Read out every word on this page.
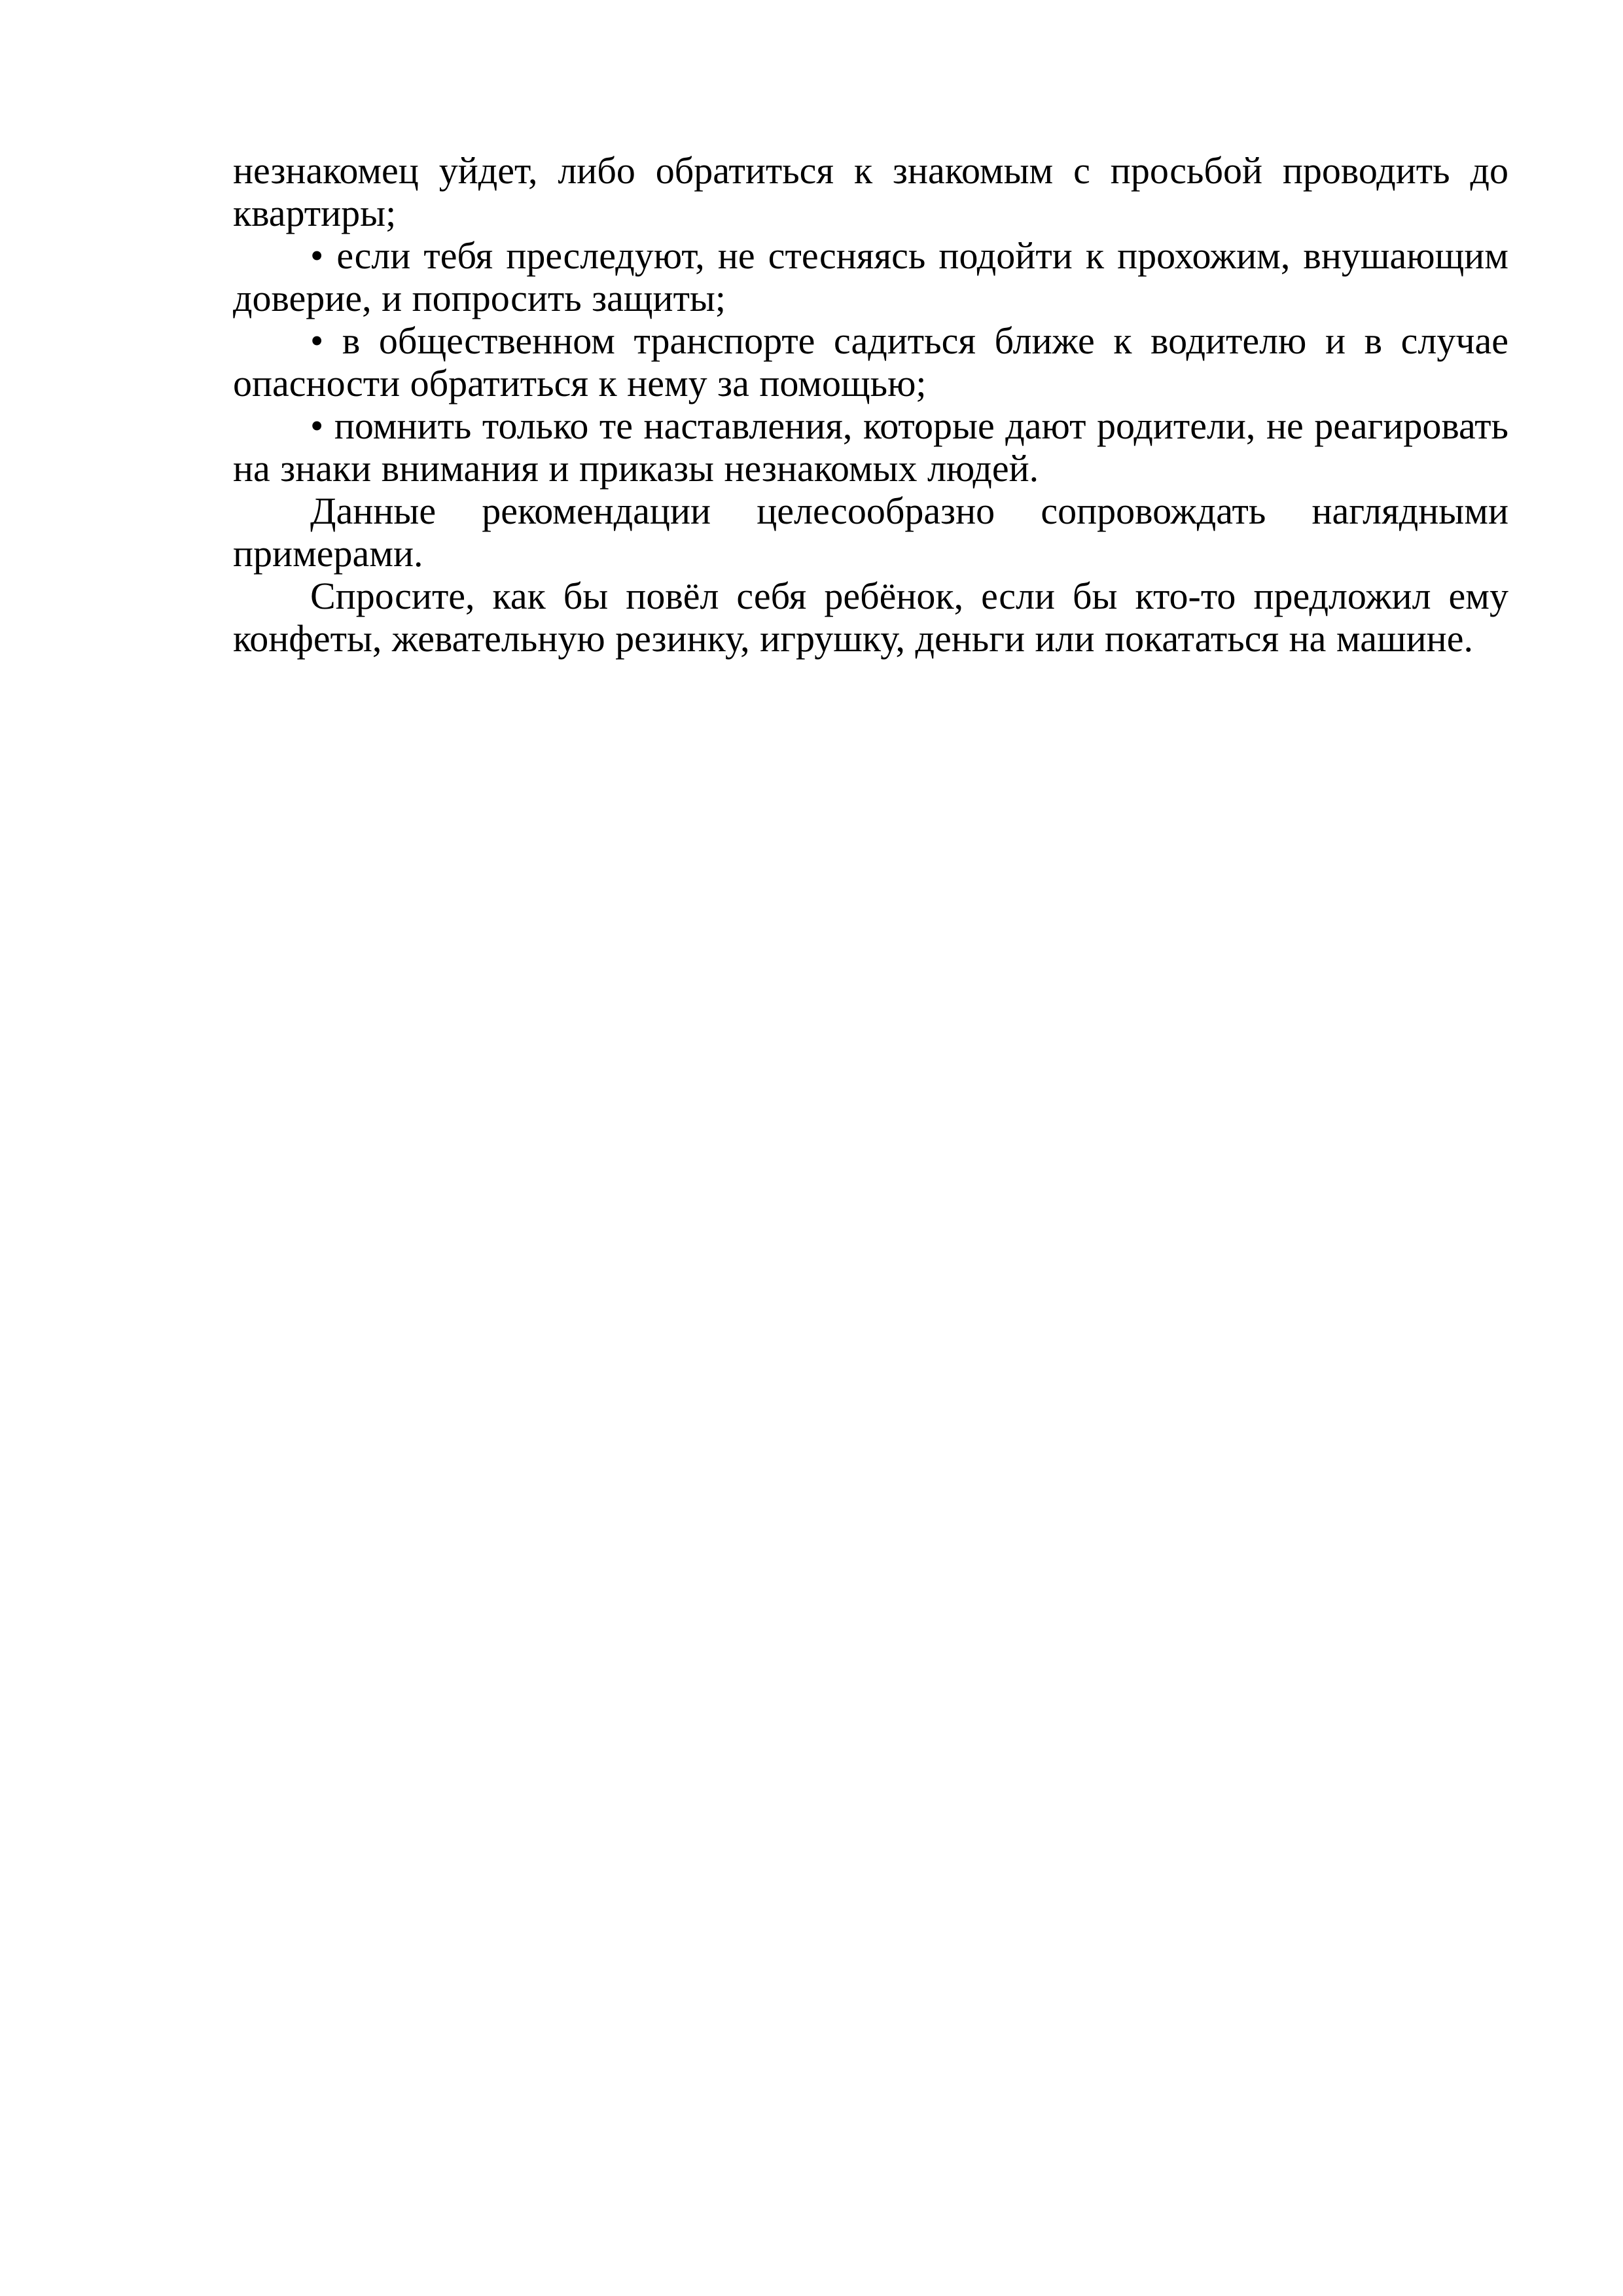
незнакомец уйдет, либо обратиться к знакомым с просьбой проводить до квартиры;

• если тебя преследуют, не стесняясь подойти к прохожим, внушающим доверие, и попросить защиты;

• в общественном транспорте садиться ближе к водителю и в случае опасности обратиться к нему за помощью;

• помнить только те наставления, которые дают родители, не реагировать на знаки внимания и приказы незнакомых людей.

Данные рекомендации целесообразно сопровождать наглядными примерами.

Спросите, как бы повёл себя ребёнок, если бы кто-то предложил ему конфеты, жевательную резинку, игрушку, деньги или покататься на машине.
